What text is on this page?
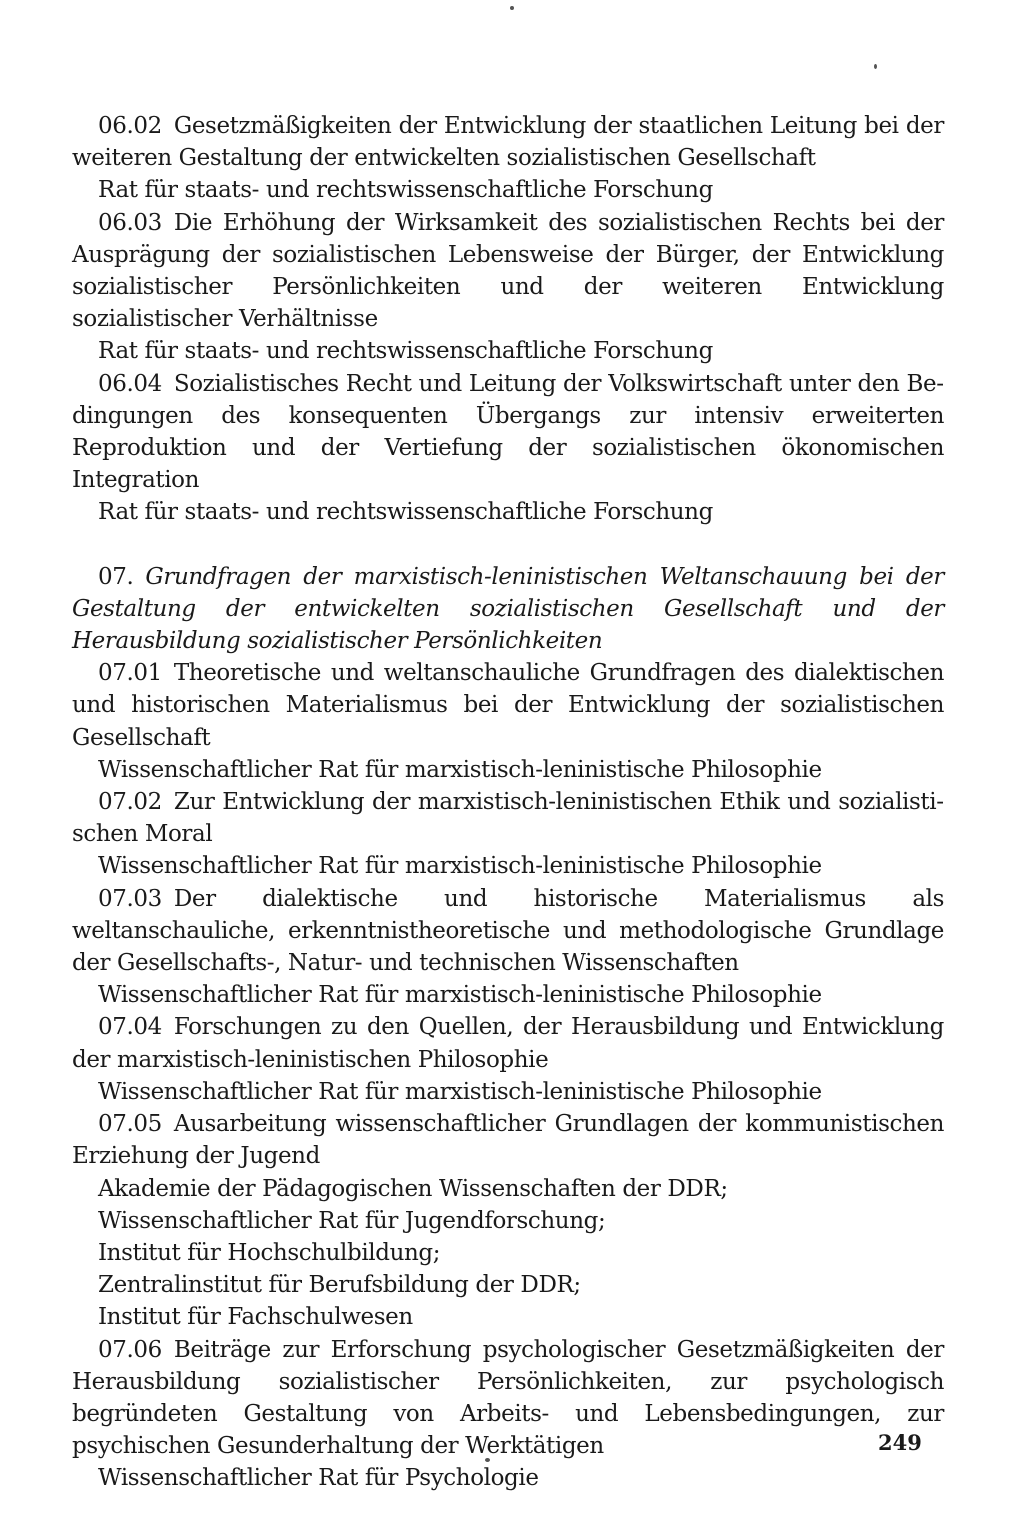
06.02 Gesetzmäßigkeiten der Entwicklung der staatlichen Leitung bei der weiteren Gestaltung der entwickelten sozialistischen Gesellschaft

Rat für staats- und rechtswissenschaftliche Forschung

06.03 Die Erhöhung der Wirksamkeit des sozialistischen Rechts bei der Ausprägung der sozialistischen Lebensweise der Bürger, der Entwicklung sozialistischer Persönlichkeiten und der weiteren Entwicklung sozialistischer Verhältnisse

Rat für staats- und rechtswissenschaftliche Forschung

06.04 Sozialistisches Recht und Leitung der Volkswirtschaft unter den Bedingungen des konsequenten Übergangs zur intensiv erweiterten Reproduktion und der Vertiefung der sozialistischen ökonomischen Integration

Rat für staats- und rechtswissenschaftliche Forschung

07. Grundfragen der marxistisch-leninistischen Weltanschauung bei der Gestaltung der entwickelten sozialistischen Gesellschaft und der Herausbildung sozialistischer Persönlichkeiten

07.01 Theoretische und weltanschauliche Grundfragen des dialektischen und historischen Materialismus bei der Entwicklung der sozialistischen Gesellschaft

Wissenschaftlicher Rat für marxistisch-leninistische Philosophie

07.02 Zur Entwicklung der marxistisch-leninistischen Ethik und sozialistischen Moral

Wissenschaftlicher Rat für marxistisch-leninistische Philosophie

07.03 Der dialektische und historische Materialismus als weltanschauliche, erkenntnistheoretische und methodologische Grundlage der Gesellschafts-, Natur- und technischen Wissenschaften

Wissenschaftlicher Rat für marxistisch-leninistische Philosophie

07.04 Forschungen zu den Quellen, der Herausbildung und Entwicklung der marxistisch-leninistischen Philosophie

Wissenschaftlicher Rat für marxistisch-leninistische Philosophie

07.05 Ausarbeitung wissenschaftlicher Grundlagen der kommunistischen Erziehung der Jugend

Akademie der Pädagogischen Wissenschaften der DDR;

Wissenschaftlicher Rat für Jugendforschung;

Institut für Hochschulbildung;

Zentralinstitut für Berufsbildung der DDR;

Institut für Fachschulwesen

07.06 Beiträge zur Erforschung psychologischer Gesetzmäßigkeiten der Herausbildung sozialistischer Persönlichkeiten, zur psychologisch begründeten Gestaltung von Arbeits- und Lebensbedingungen, zur psychischen Gesunderhaltung der Werktätigen

Wissenschaftlicher Rat für Psychologie

249
